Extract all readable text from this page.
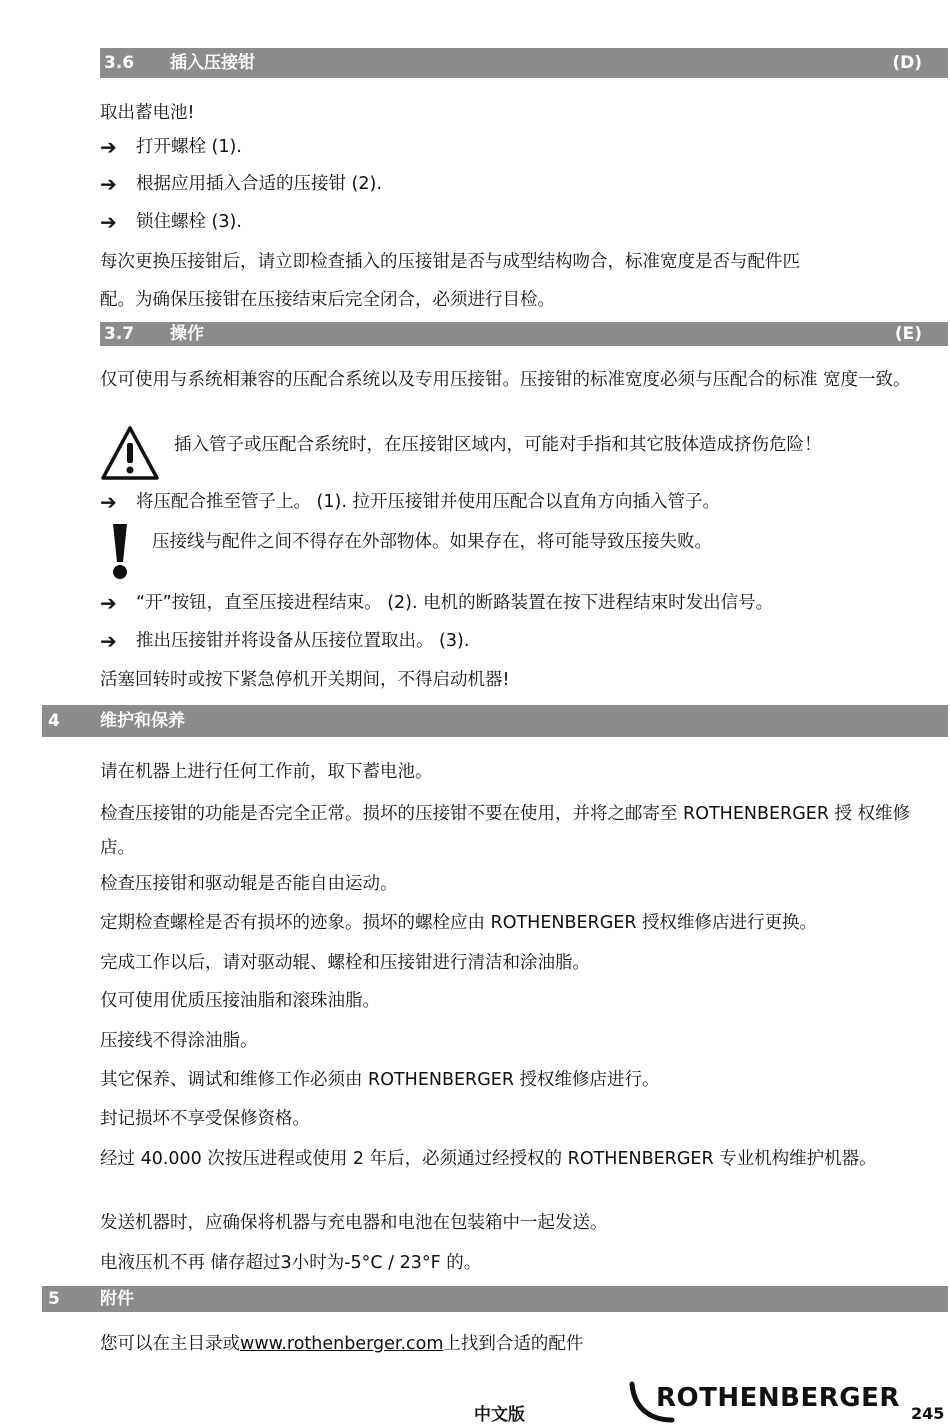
3.6 插入压接钳	(D)
取出蓄电池!
➔ 打开螺栓 (1).
➔ 根据应用插入合适的压接钳 (2).
➔ 锁住螺栓 (3).
每次更换压接钳后，请立即检查插入的压接钳是否与成型结构吻合，标准宽度是否与配件匹
配。为确保压接钳在压接结束后完全闭合，必须进行目检。
3.7 操作	(E)
仅可使用与系统相兼容的压配合系统以及专用压接钳。压接钳的标准宽度必须与压配合的标准 宽度一致。
插入管子或压配合系统时，在压接钳区域内，可能对手指和其它肢体造成挤伤危险！
➔ 将压配合推至管子上。 (1). 拉开压接钳并使用压配合以直角方向插入管子。
压接线与配件之间不得存在外部物体。如果存在，将可能导致压接失败。
➔ “开”按钮，直至压接进程结束。 (2). 电机的断路装置在按下进程结束时发出信号。
➔ 推出压接钳并将设备从压接位置取出。 (3).
活塞回转时或按下紧急停机开关期间，不得启动机器!
4 维护和保养
请在机器上进行任何工作前，取下蓄电池。
检查压接钳的功能是否完全正常。损坏的压接钳不要在使用，并将之邮寄至 ROTHENBERGER 授 权维修店。
检查压接钳和驱动辊是否能自由运动。
定期检查螺栓是否有损坏的迹象。损坏的螺栓应由 ROTHENBERGER 授权维修店进行更换。
完成工作以后，请对驱动辊、螺栓和压接钳进行清洁和涂油脂。
仅可使用优质压接油脂和滚珠油脂。
压接线不得涂油脂。
其它保养、调试和维修工作必须由 ROTHENBERGER 授权维修店进行。
封记损坏不享受保修资格。
经过 40.000 次按压进程或使用 2 年后，必须通过经授权的 ROTHENBERGER 专业机构维护机器。
发送机器时，应确保将机器与充电器和电池在包装箱中一起发送。
电液压机不再 储存超过3小时为-5°C / 23°F 的。
5 附件
您可以在主目录或www.rothenberger.com上找到合适的配件
中文版
ROTHENBERGER
245
